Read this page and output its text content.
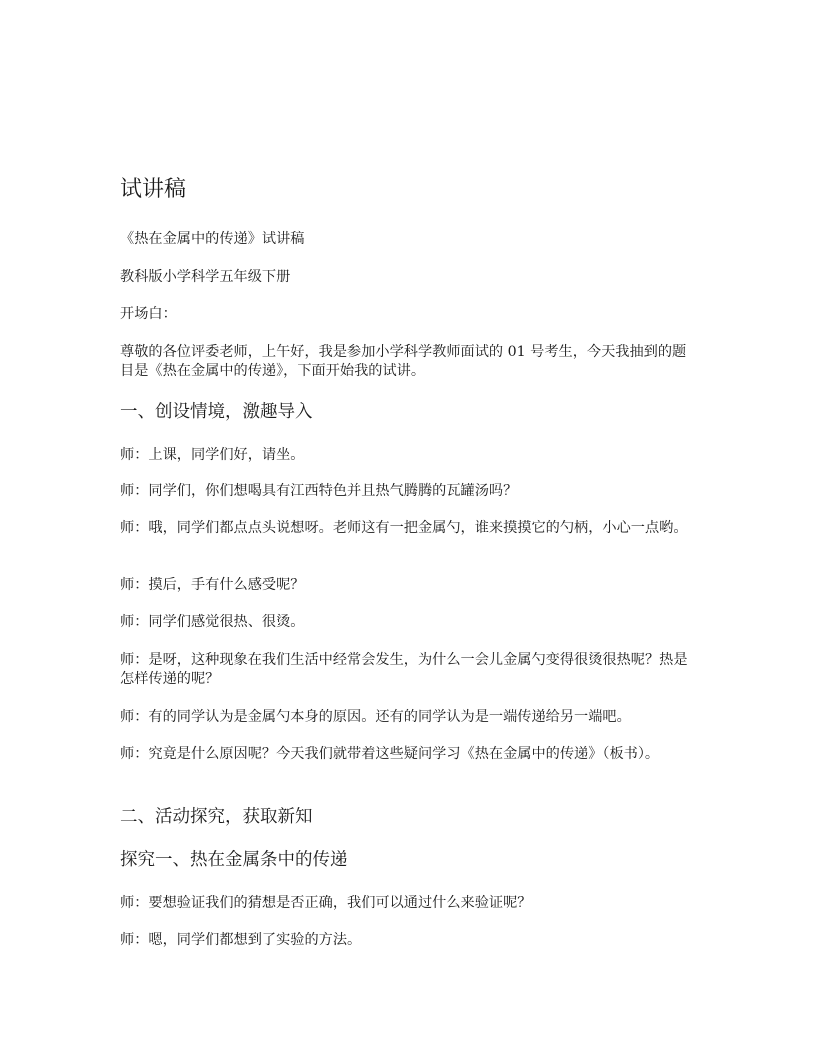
试讲稿
《热在金属中的传递》试讲稿
教科版小学科学五年级下册
开场白：
尊敬的各位评委老师，上午好，我是参加小学科学教师面试的 01 号考生，今天我抽到的题目是《热在金属中的传递》，下面开始我的试讲。
一、创设情境，激趣导入
师：上课，同学们好，请坐。
师：同学们，你们想喝具有江西特色并且热气腾腾的瓦罐汤吗？
师：哦，同学们都点点头说想呀。老师这有一把金属勺，谁来摸摸它的勺柄，小心一点哟。
师：摸后，手有什么感受呢？
师：同学们感觉很热、很烫。
师：是呀，这种现象在我们生活中经常会发生，为什么一会儿金属勺变得很烫很热呢？热是怎样传递的呢？
师：有的同学认为是金属勺本身的原因。还有的同学认为是一端传递给另一端吧。
师：究竟是什么原因呢？今天我们就带着这些疑问学习《热在金属中的传递》（板书）。
二、活动探究，获取新知
探究一、热在金属条中的传递
师：要想验证我们的猜想是否正确，我们可以通过什么来验证呢？
师：嗯，同学们都想到了实验的方法。
